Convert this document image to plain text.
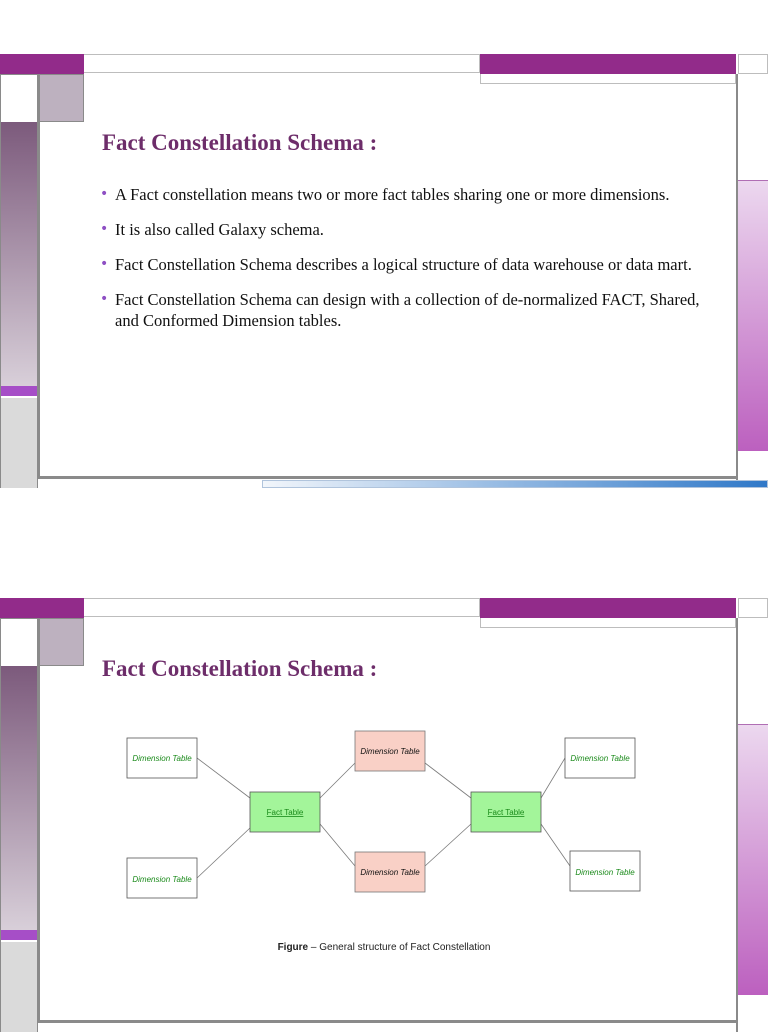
Fact Constellation Schema :
• A Fact constellation means two or more fact tables sharing one or more dimensions.
• It is also called Galaxy schema.
• Fact Constellation Schema describes a logical structure of data warehouse or data mart.
• Fact Constellation Schema can design with a collection of de-normalized FACT, Shared, and Conformed Dimension tables.
Fact Constellation Schema :
Dimension Table
Dimension Table
Fact Table
Dimension Table
Dimension Table
Fact Table
Dimension Table
Dimension Table
Figure – General structure of Fact Constellation
